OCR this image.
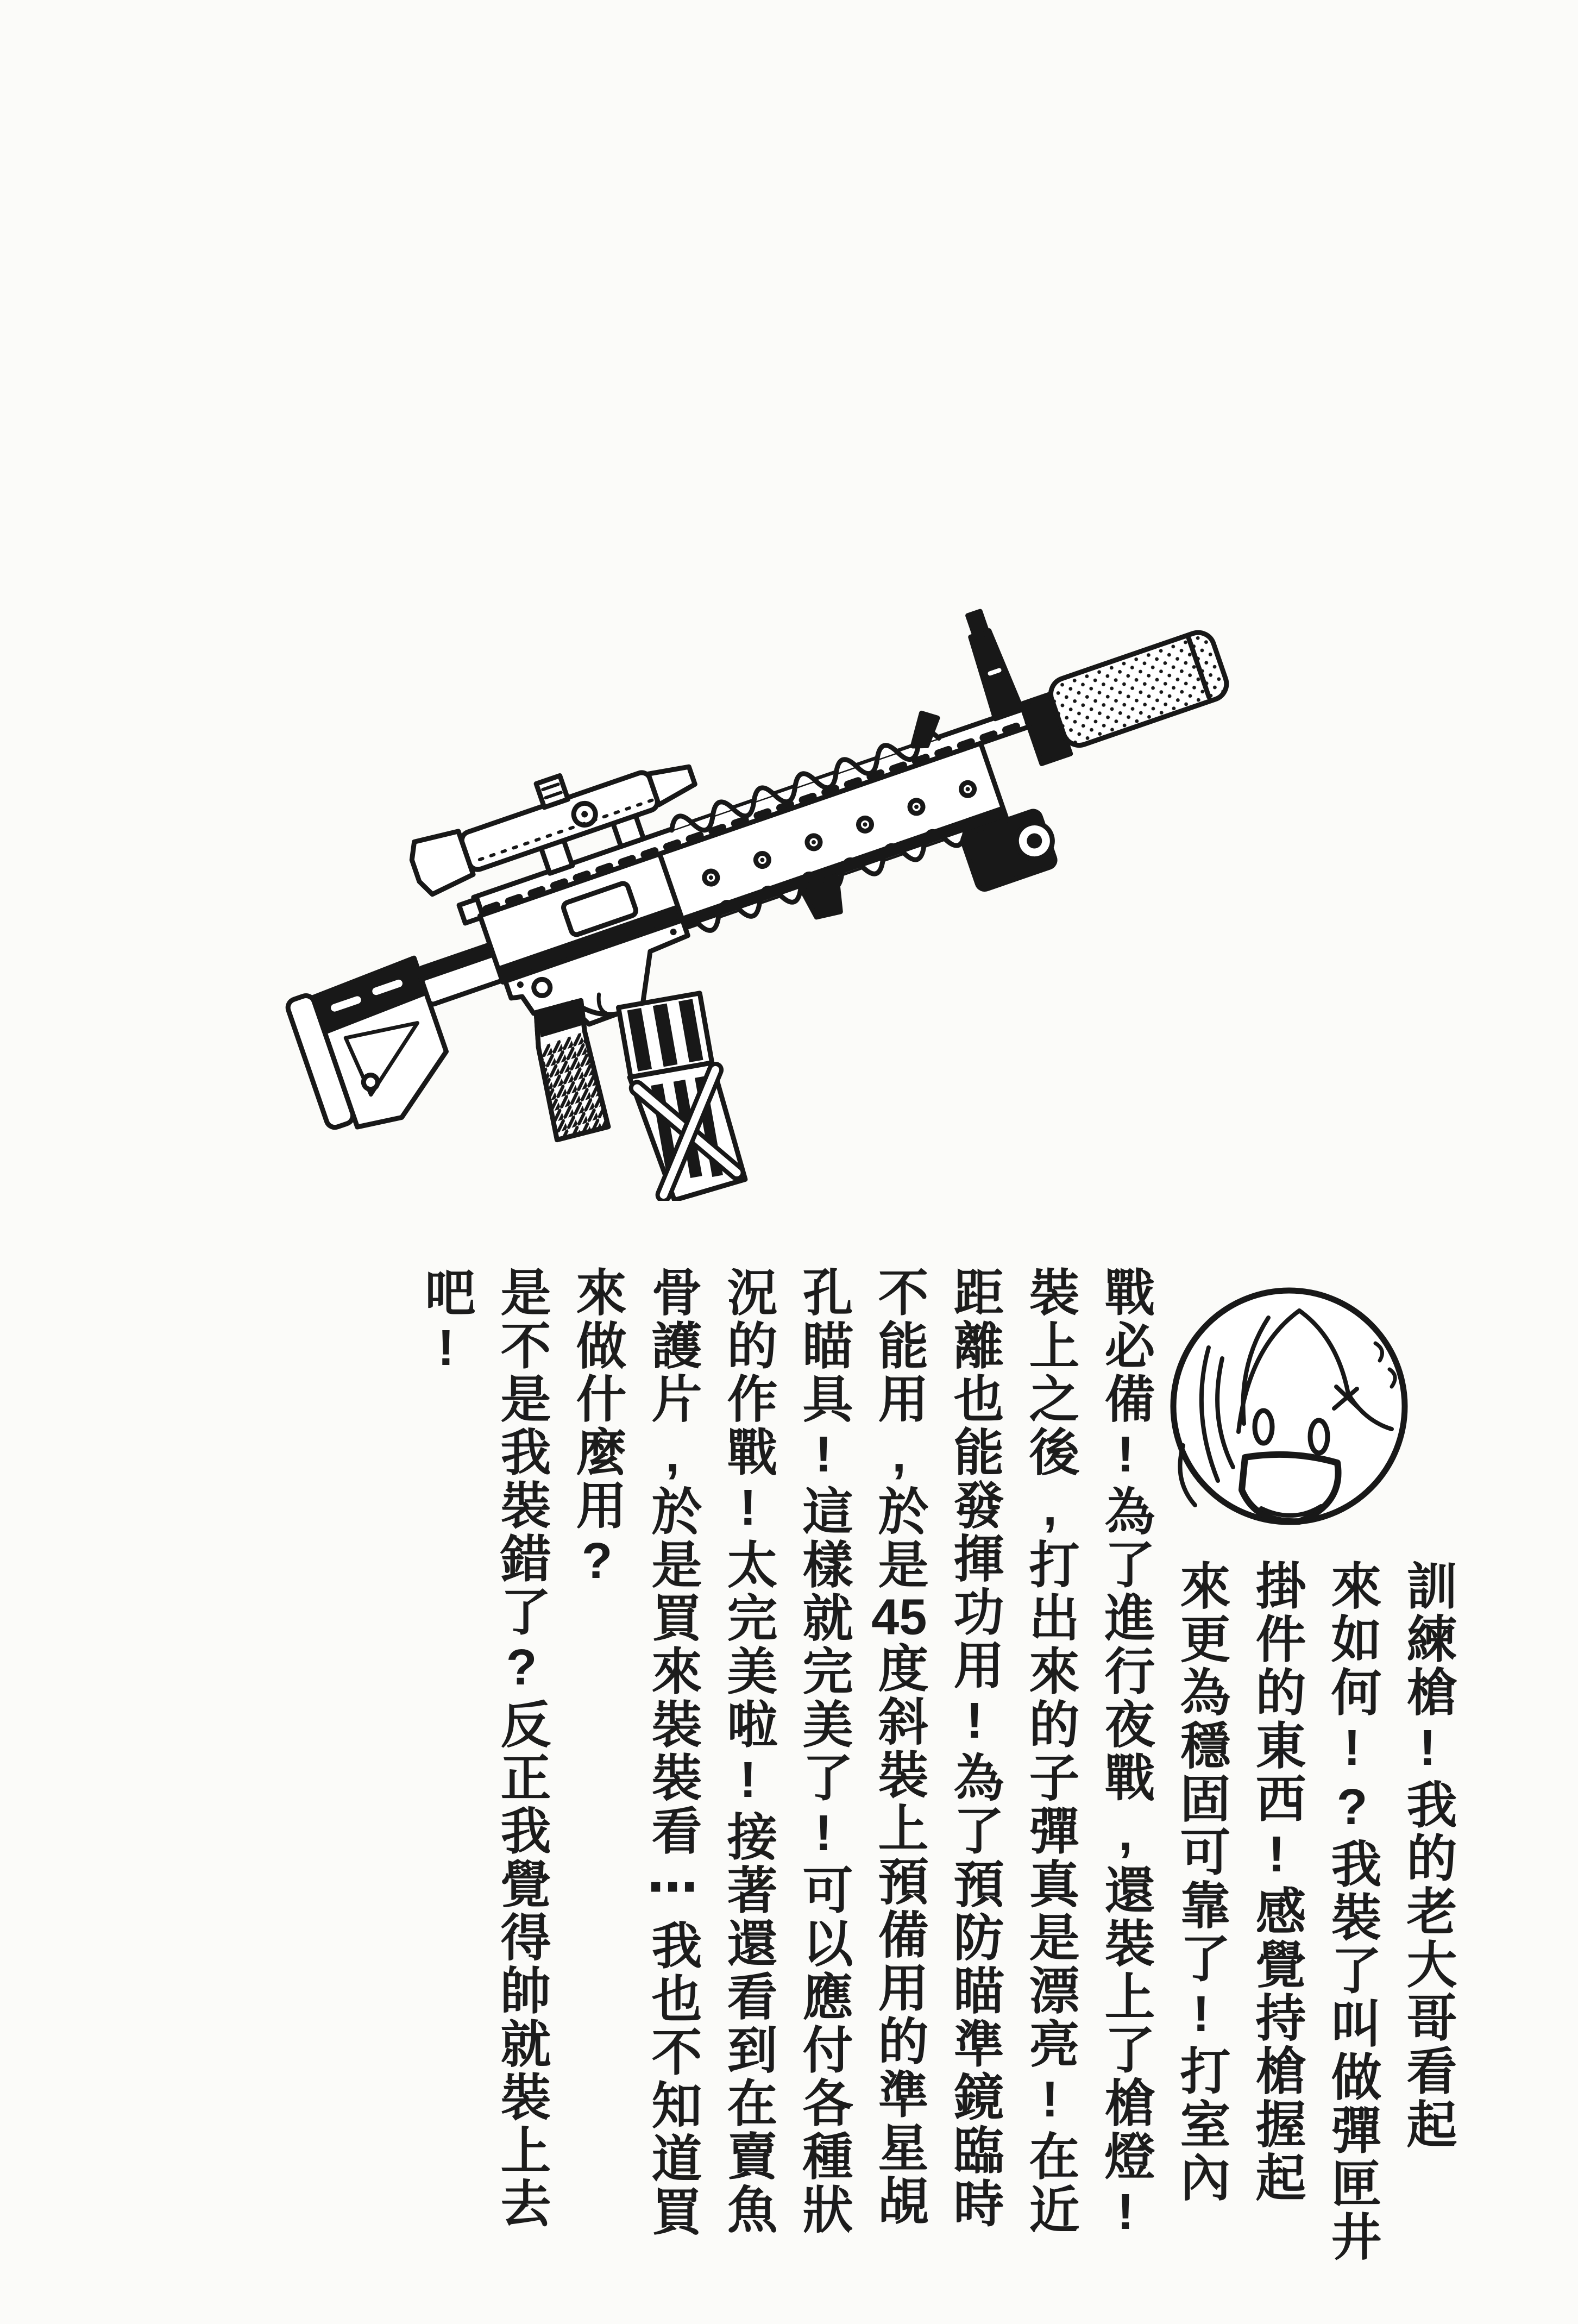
訓練槍!我的老大哥看起
來如何!?我裝了叫做彈匣井
掛件的東西!感覺持槍握起
來更為穩固可靠了!打室內
戰必備!為了進行夜戰,還裝上了槍燈!
裝上之後,打出來的子彈真是漂亮!在近
距離也能發揮功用!為了預防瞄準鏡臨時
不能用,於是45度斜裝上預備用的準星覘
孔瞄具!這樣就完美了!可以應付各種狀
況的作戰!太完美啦!接著還看到在賣魚
骨護片,於是買來裝裝看⋯我也不知道買
來做什麼用?
是不是我裝錯了?反正我覺得帥就裝上去
吧!
